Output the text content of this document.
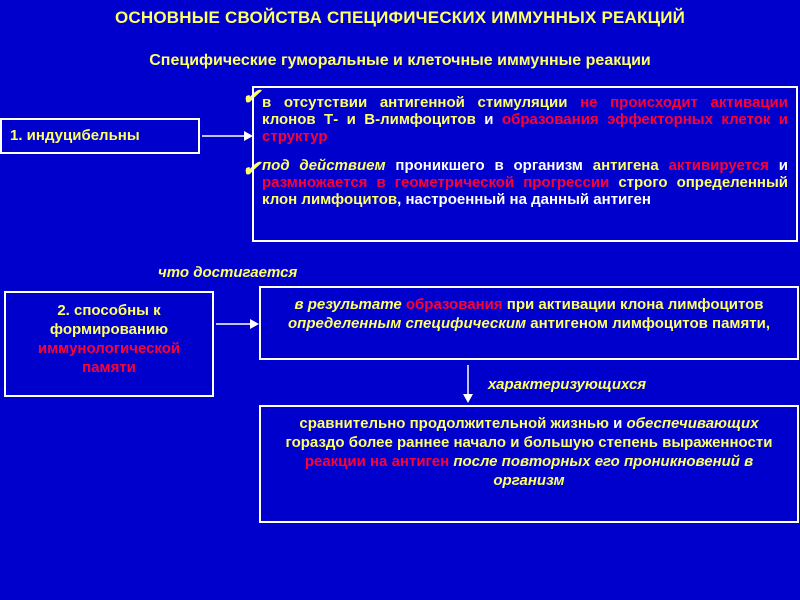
ОСНОВНЫЕ СВОЙСТВА СПЕЦИФИЧЕСКИХ ИММУННЫХ РЕАКЦИЙ
Специфические гуморальные и клеточные иммунные реакции
1. индуцибельны
✔
✔

в отсутствии антигенной стимуляции не происходит активации клонов Т- и В-лимфоцитов и образования эффекторных клеток и структур

под действием проникшего в организм антигена активируется и размножается в геометрической прогрессии строго определенный клон лимфоцитов, настроенный на данный антиген

что достигается
2. способны к формированию
иммунологической
памяти
в результате образования при активации клона лимфоцитов определенным специфическим антигеном лимфоцитов памяти,
характеризующихся
сравнительно продолжительной жизнью и обеспечивающих гораздо более раннее начало и большую степень выраженности реакции на антиген после повторных его проникновений в организм
